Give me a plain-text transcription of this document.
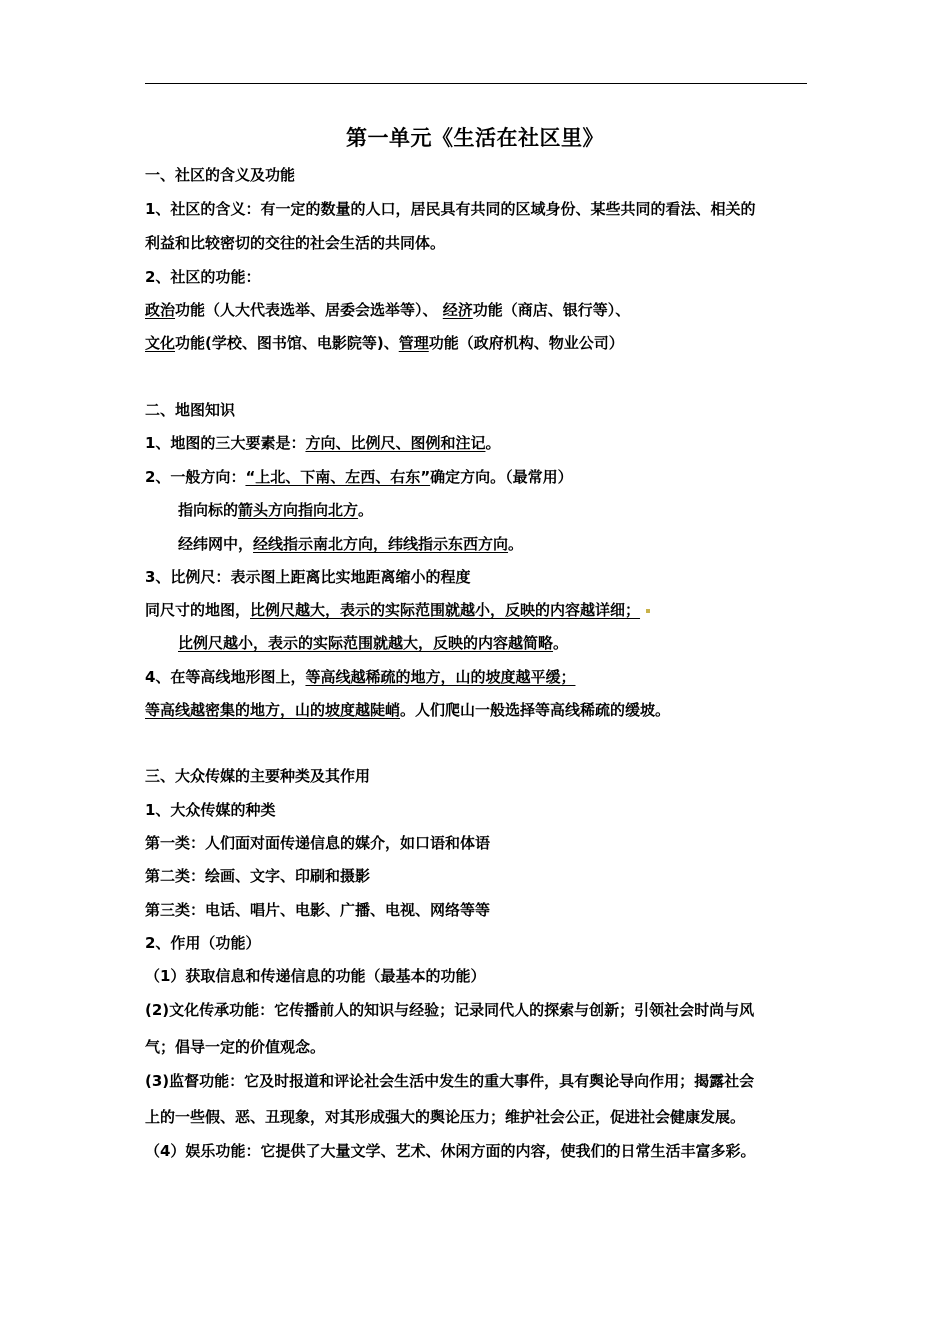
第一单元《生活在社区里》
一、社区的含义及功能
1、社区的含义：有一定的数量的人口，居民具有共同的区域身份、某些共同的看法、相关的
利益和比较密切的交往的社会生活的共同体。
2、社区的功能：
政治功能（人大代表选举、居委会选举等）、 经济功能（商店、银行等）、
文化功能(学校、图书馆、电影院等)、管理功能（政府机构、物业公司）
二、地图知识
1、地图的三大要素是：方向、比例尺、图例和注记。
2、一般方向：“上北、下南、左西、右东”确定方向。（最常用）
指向标的箭头方向指向北方。
经纬网中，经线指示南北方向，纬线指示东西方向。
3、比例尺：表示图上距离比实地距离缩小的程度
同尺寸的地图，比例尺越大，表示的实际范围就越小，反映的内容越详细；
比例尺越小，表示的实际范围就越大，反映的内容越简略。
4、在等高线地形图上，等高线越稀疏的地方，山的坡度越平缓；
等高线越密集的地方，山的坡度越陡峭。人们爬山一般选择等高线稀疏的缓坡。
三、大众传媒的主要种类及其作用
1、大众传媒的种类
第一类：人们面对面传递信息的媒介，如口语和体语
第二类：绘画、文字、印刷和摄影
第三类：电话、唱片、电影、广播、电视、网络等等
2、作用（功能）
（1）获取信息和传递信息的功能（最基本的功能）
(2)文化传承功能：它传播前人的知识与经验；记录同代人的探索与创新；引领社会时尚与风
气；倡导一定的价值观念。
(3)监督功能：它及时报道和评论社会生活中发生的重大事件，具有舆论导向作用；揭露社会
上的一些假、恶、丑现象，对其形成强大的舆论压力；维护社会公正，促进社会健康发展。
（4）娱乐功能：它提供了大量文学、艺术、休闲方面的内容，使我们的日常生活丰富多彩。
